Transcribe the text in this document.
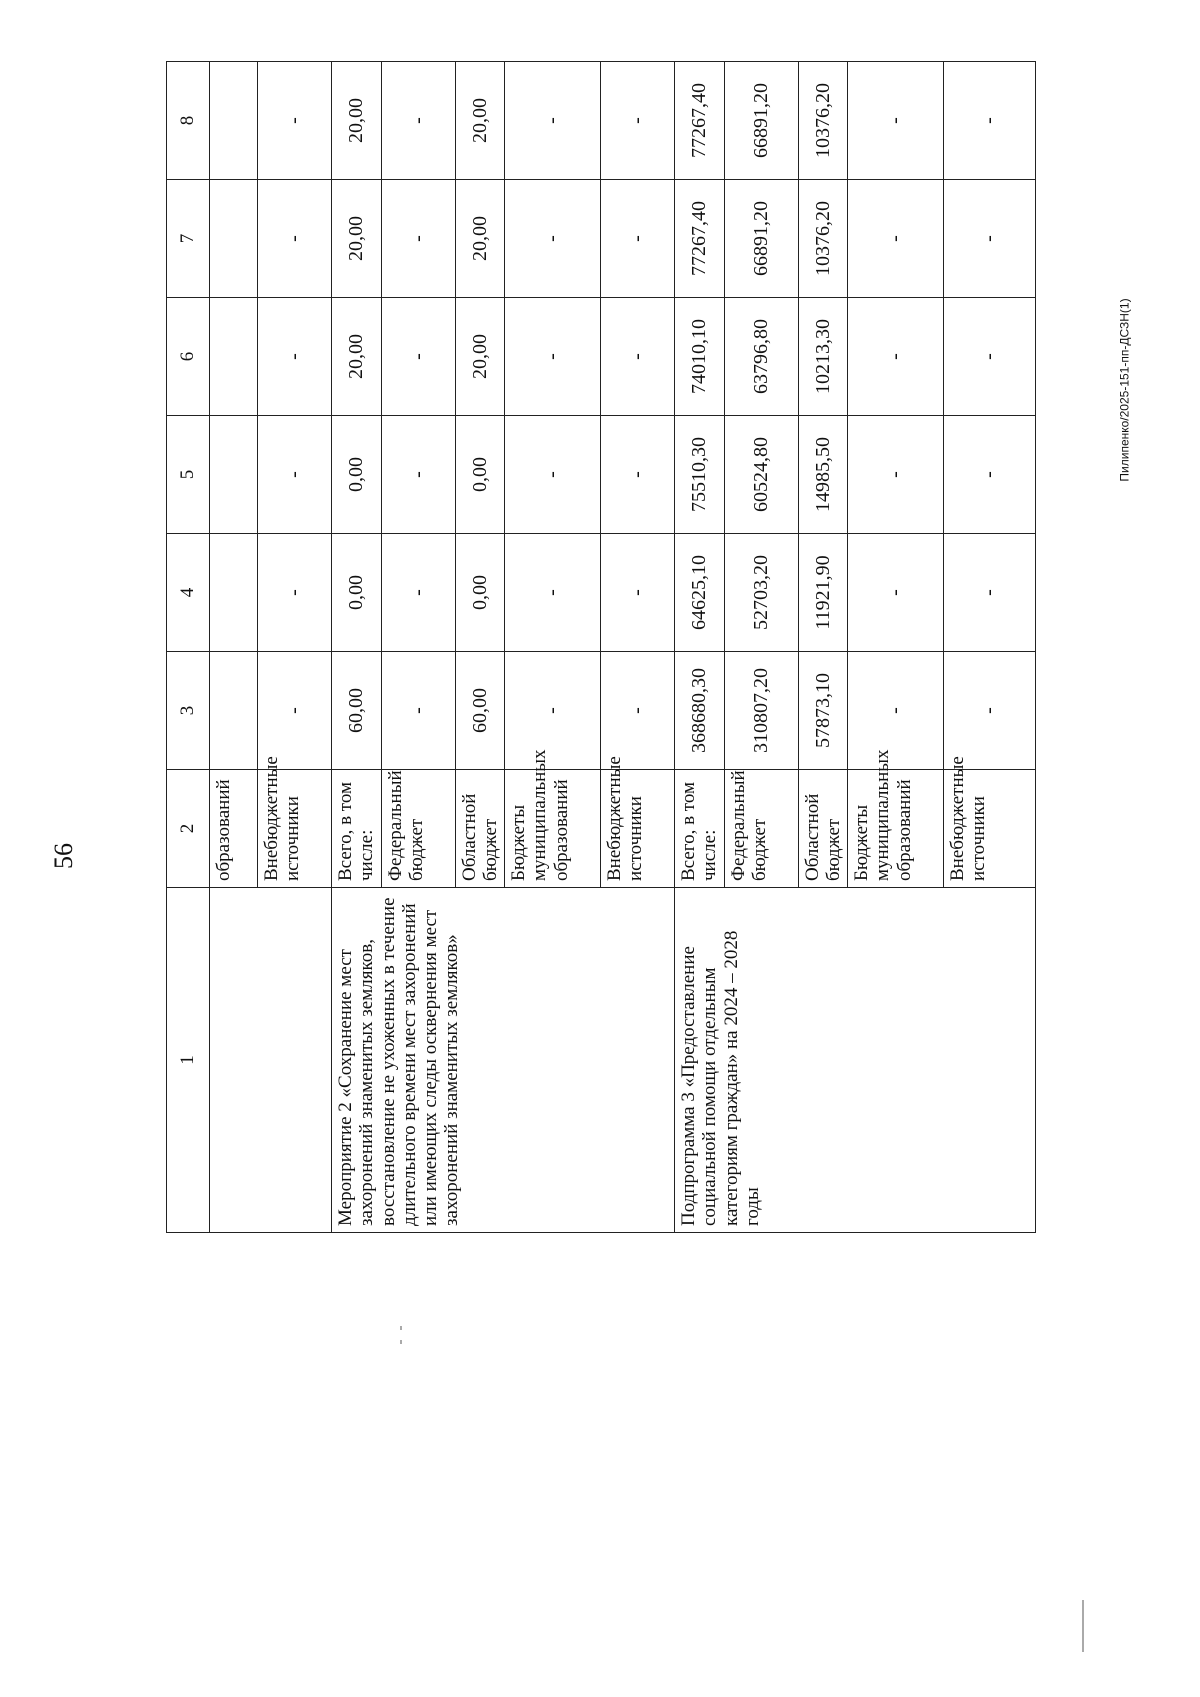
56
Пилипенко/2025-151-пп-ДСЗН(1)
1	2	3	4	5	6	7	8
	образований						
	Внебюджетные источники	-	-	-	-	-	-
Мероприятие 2 «Сохранение мест захоронений знаменитых земляков, восстановление не ухоженных в течение длительного времени мест захоронений или имеющих следы осквернения мест захоронений знаменитых земляков»	Всего, в том числе:	60,00	0,00	0,00	20,00	20,00	20,00
	Федеральный бюджет	-	-	-	-	-	-
	Областной бюджет	60,00	0,00	0,00	20,00	20,00	20,00
	Бюджеты муниципальных образований	-	-	-	-	-	-
	Внебюджетные источники	-	-	-	-	-	-
Подпрограмма 3 «Предоставление социальной помощи отдельным категориям граждан» на 2024 – 2028 годы	Всего, в том числе:	368680,30	64625,10	75510,30	74010,10	77267,40	77267,40
	Федеральный бюджет	310807,20	52703,20	60524,80	63796,80	66891,20	66891,20
	Областной бюджет	57873,10	11921,90	14985,50	10213,30	10376,20	10376,20
	Бюджеты муниципальных образований	-	-	-	-	-	-
	Внебюджетные источники	-	-	-	-	-	-
